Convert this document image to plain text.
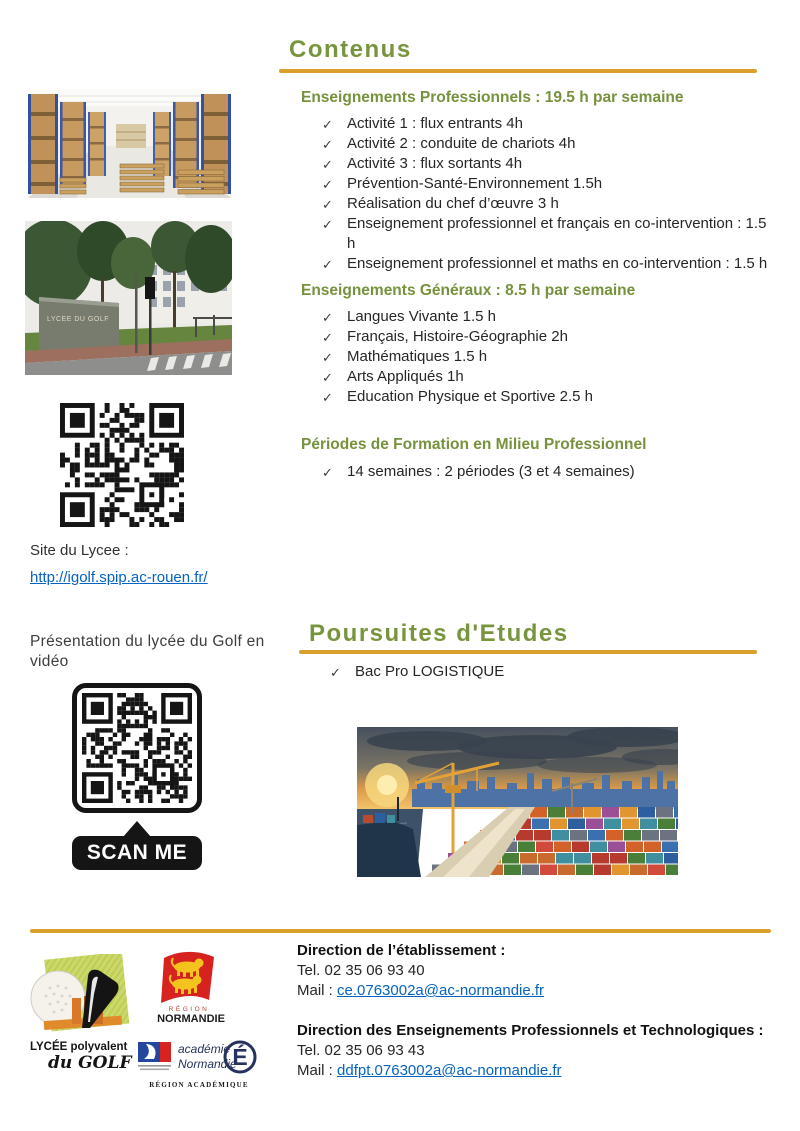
LYCEE DU GOLF
Site du Lycee :
http://igolf.spip.ac-rouen.fr/
Présentation du lycée du Golf en vidéo
SCAN ME
Contenus
Enseignements Professionnels : 19.5 h par semaine
✓ Activité 1 : flux entrants 4h
✓ Activité 2 : conduite de chariots 4h
✓ Activité 3 : flux sortants 4h
✓ Prévention-Santé-Environnement 1.5h
✓ Réalisation du chef d’œuvre 3 h
✓ Enseignement professionnel et français en co-intervention : 1.5 h
✓ Enseignement professionnel et maths en co-intervention : 1.5 h
Enseignements Généraux : 8.5 h par semaine
✓ Langues Vivante 1.5 h
✓ Français, Histoire-Géographie 2h
✓ Mathématiques 1.5 h
✓ Arts Appliqués 1h
✓ Education Physique et Sportive 2.5 h
Périodes de Formation en Milieu Professionnel
✓ 14 semaines : 2 périodes (3 et 4 semaines)
Poursuites d'Etudes
✓ Bac Pro LOGISTIQUE
LYCÉE polyvalent
du GOLF
RÉGION
NORMANDIE
académie
Normandie
É
RÉGION ACADÉMIQUE
Direction de l’établissement :
Tel. 02 35 06 93 40
Mail : ce.0763002a@ac-normandie.fr
Direction des Enseignements Professionnels et Technologiques :
Tel. 02 35 06 93 43
Mail : ddfpt.0763002a@ac-normandie.fr
